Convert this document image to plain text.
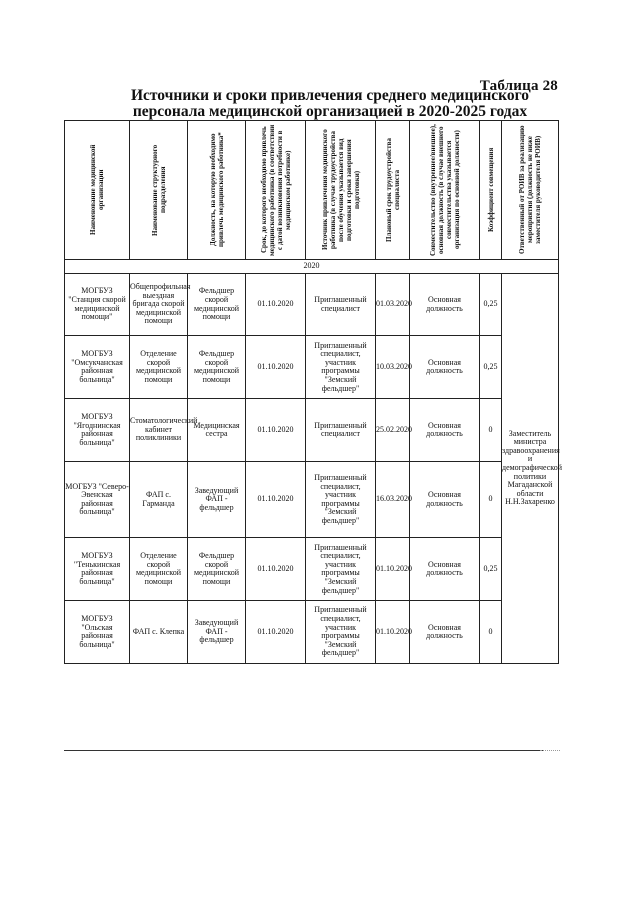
Таблица 28
Источники и сроки привлечения среднего медицинского персонала медицинской организацией в 2020-2025 годах
Наименование медицинской организации	Наименование структурного подразделения	Должность, на которую необходимо привлечь медицинского работника*	Срок, до которого необходимо привлечь медицинского работника (в соответствии с датой возникновения потребности в медицинском работнике)	Источник привлечения медицинского работника (в случае трудоустройства после обучения указывается вид подготовки и сроки завершения подготовки)	Плановый срок трудоустройства специалиста	Совместительство (внутреннее/внешнее), основная должность (в случае внешнего совместительства указывается организация по основной должности)	Коэффициент совмещения	Ответственный от РОИВ за реализацию мероприятия (должность не ниже заместителя руководителя РОИВ)

2020								
МОГБУЗ "Станция скорой медицинской помощи"	Общепрофильная выездная бригада скорой медицинской помощи	Фельдшер скорой медицинской помощи	01.10.2020	Приглашенный специалист	01.03.2020	Основная должность	0,25	Заместитель министра здравоохранения и демографической политики Магаданской области Н.Н.Захаренко
МОГБУЗ "Омсукчанская районная больница"	Отделение скорой медицинской помощи	Фельдшер скорой медицинской помощи	01.10.2020	Приглашенный специалист, участник программы "Земский фельдшер"	10.03.2020	Основная должность	0,25	
МОГБУЗ "Ягоднинская районная больница"	Стоматологический кабинет поликлиники	Медицинская сестра	01.10.2020	Приглашенный специалист	25.02.2020	Основная должность	0	
МОГБУЗ "Северо-Эвенская районная больница"	ФАП с. Гарманда	Заведующий ФАП - фельдшер	01.10.2020	Приглашенный специалист, участник программы "Земский фельдшер"	16.03.2020	Основная должность	0	
МОГБУЗ "Тенькинская районная больница"	Отделение скорой медицинской помощи	Фельдшер скорой медицинской помощи	01.10.2020	Приглашенный специалист, участник программы "Земский фельдшер"	01.10.2020	Основная должность	0,25	
МОГБУЗ "Ольская районная больница"	ФАП с. Клепка	Заведующий ФАП - фельдшер	01.10.2020	Приглашенный специалист, участник программы "Земский фельдшер"	01.10.2020	Основная должность	0	
